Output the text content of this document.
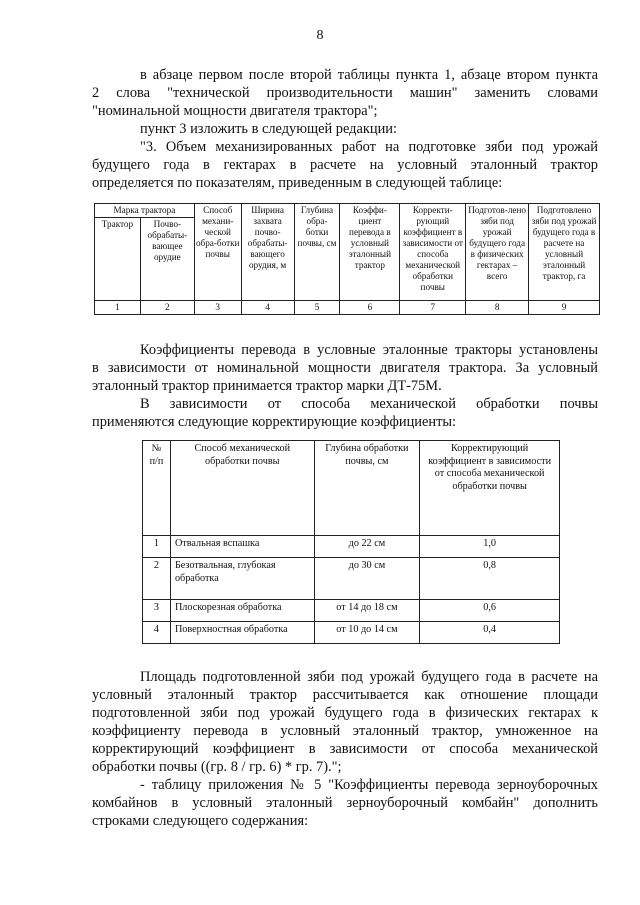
8
в абзаце первом после второй таблицы пункта 1, абзаце втором пункта
2 слова "технической производительности машин" заменить словами
"номинальной мощности двигателя трактора";
пункт 3 изложить в следующей редакции:
"3. Объем механизированных работ на подготовке зяби под урожай
будущего года в гектарах в расчете на условный эталонный трактор
определяется по показателям, приведенным в следующей таблице:
Марка трактора		Способ механи-ческой обра-ботки почвы	Ширина захвата почво-обрабаты-вающего орудия, м	Глубина обра-ботки почвы, см	Коэффи-циент перевода в условный эталонный трактор	Корректи-рующий коэффициент в зависимости от способа механической обработки почвы	Подготов-лено зяби под урожай будущего года в физических гектарах – всего	Подготовлено зяби под урожай будущего года в расчете на условный эталонный трактор, га
Трактор	Почво-обрабаты-вающее орудие							
1	2	3	4	5	6	7	8	9
Коэффициенты перевода в условные эталонные тракторы установлены
в зависимости от номинальной мощности двигателя трактора. За условный
эталонный трактор принимается трактор марки ДТ-75М.
В зависимости от способа механической обработки почвы
применяются следующие корректирующие коэффициенты:
№ п/п	Способ механической обработки почвы	Глубина обработки почвы, см	Корректирующий коэффициент в зависимости от способа механической обработки почвы
1	Отвальная вспашка	до 22 см	1,0
2	Безотвальная, глубокая обработка	до 30 см	0,8
3	Плоскорезная обработка	от 14 до 18 см	0,6
4	Поверхностная обработка	от 10 до 14 см	0,4
Площадь подготовленной зяби под урожай будущего года в расчете на
условный эталонный трактор рассчитывается как отношение площади
подготовленной зяби под урожай будущего года в физических гектарах к
коэффициенту перевода в условный эталонный трактор, умноженное на
корректирующий коэффициент в зависимости от способа механической
обработки почвы ((гр. 8 / гр. 6) * гр. 7).";
- таблицу приложения № 5 "Коэффициенты перевода зерноуборочных
комбайнов в условный эталонный зерноуборочный комбайн" дополнить
строками следующего содержания:
